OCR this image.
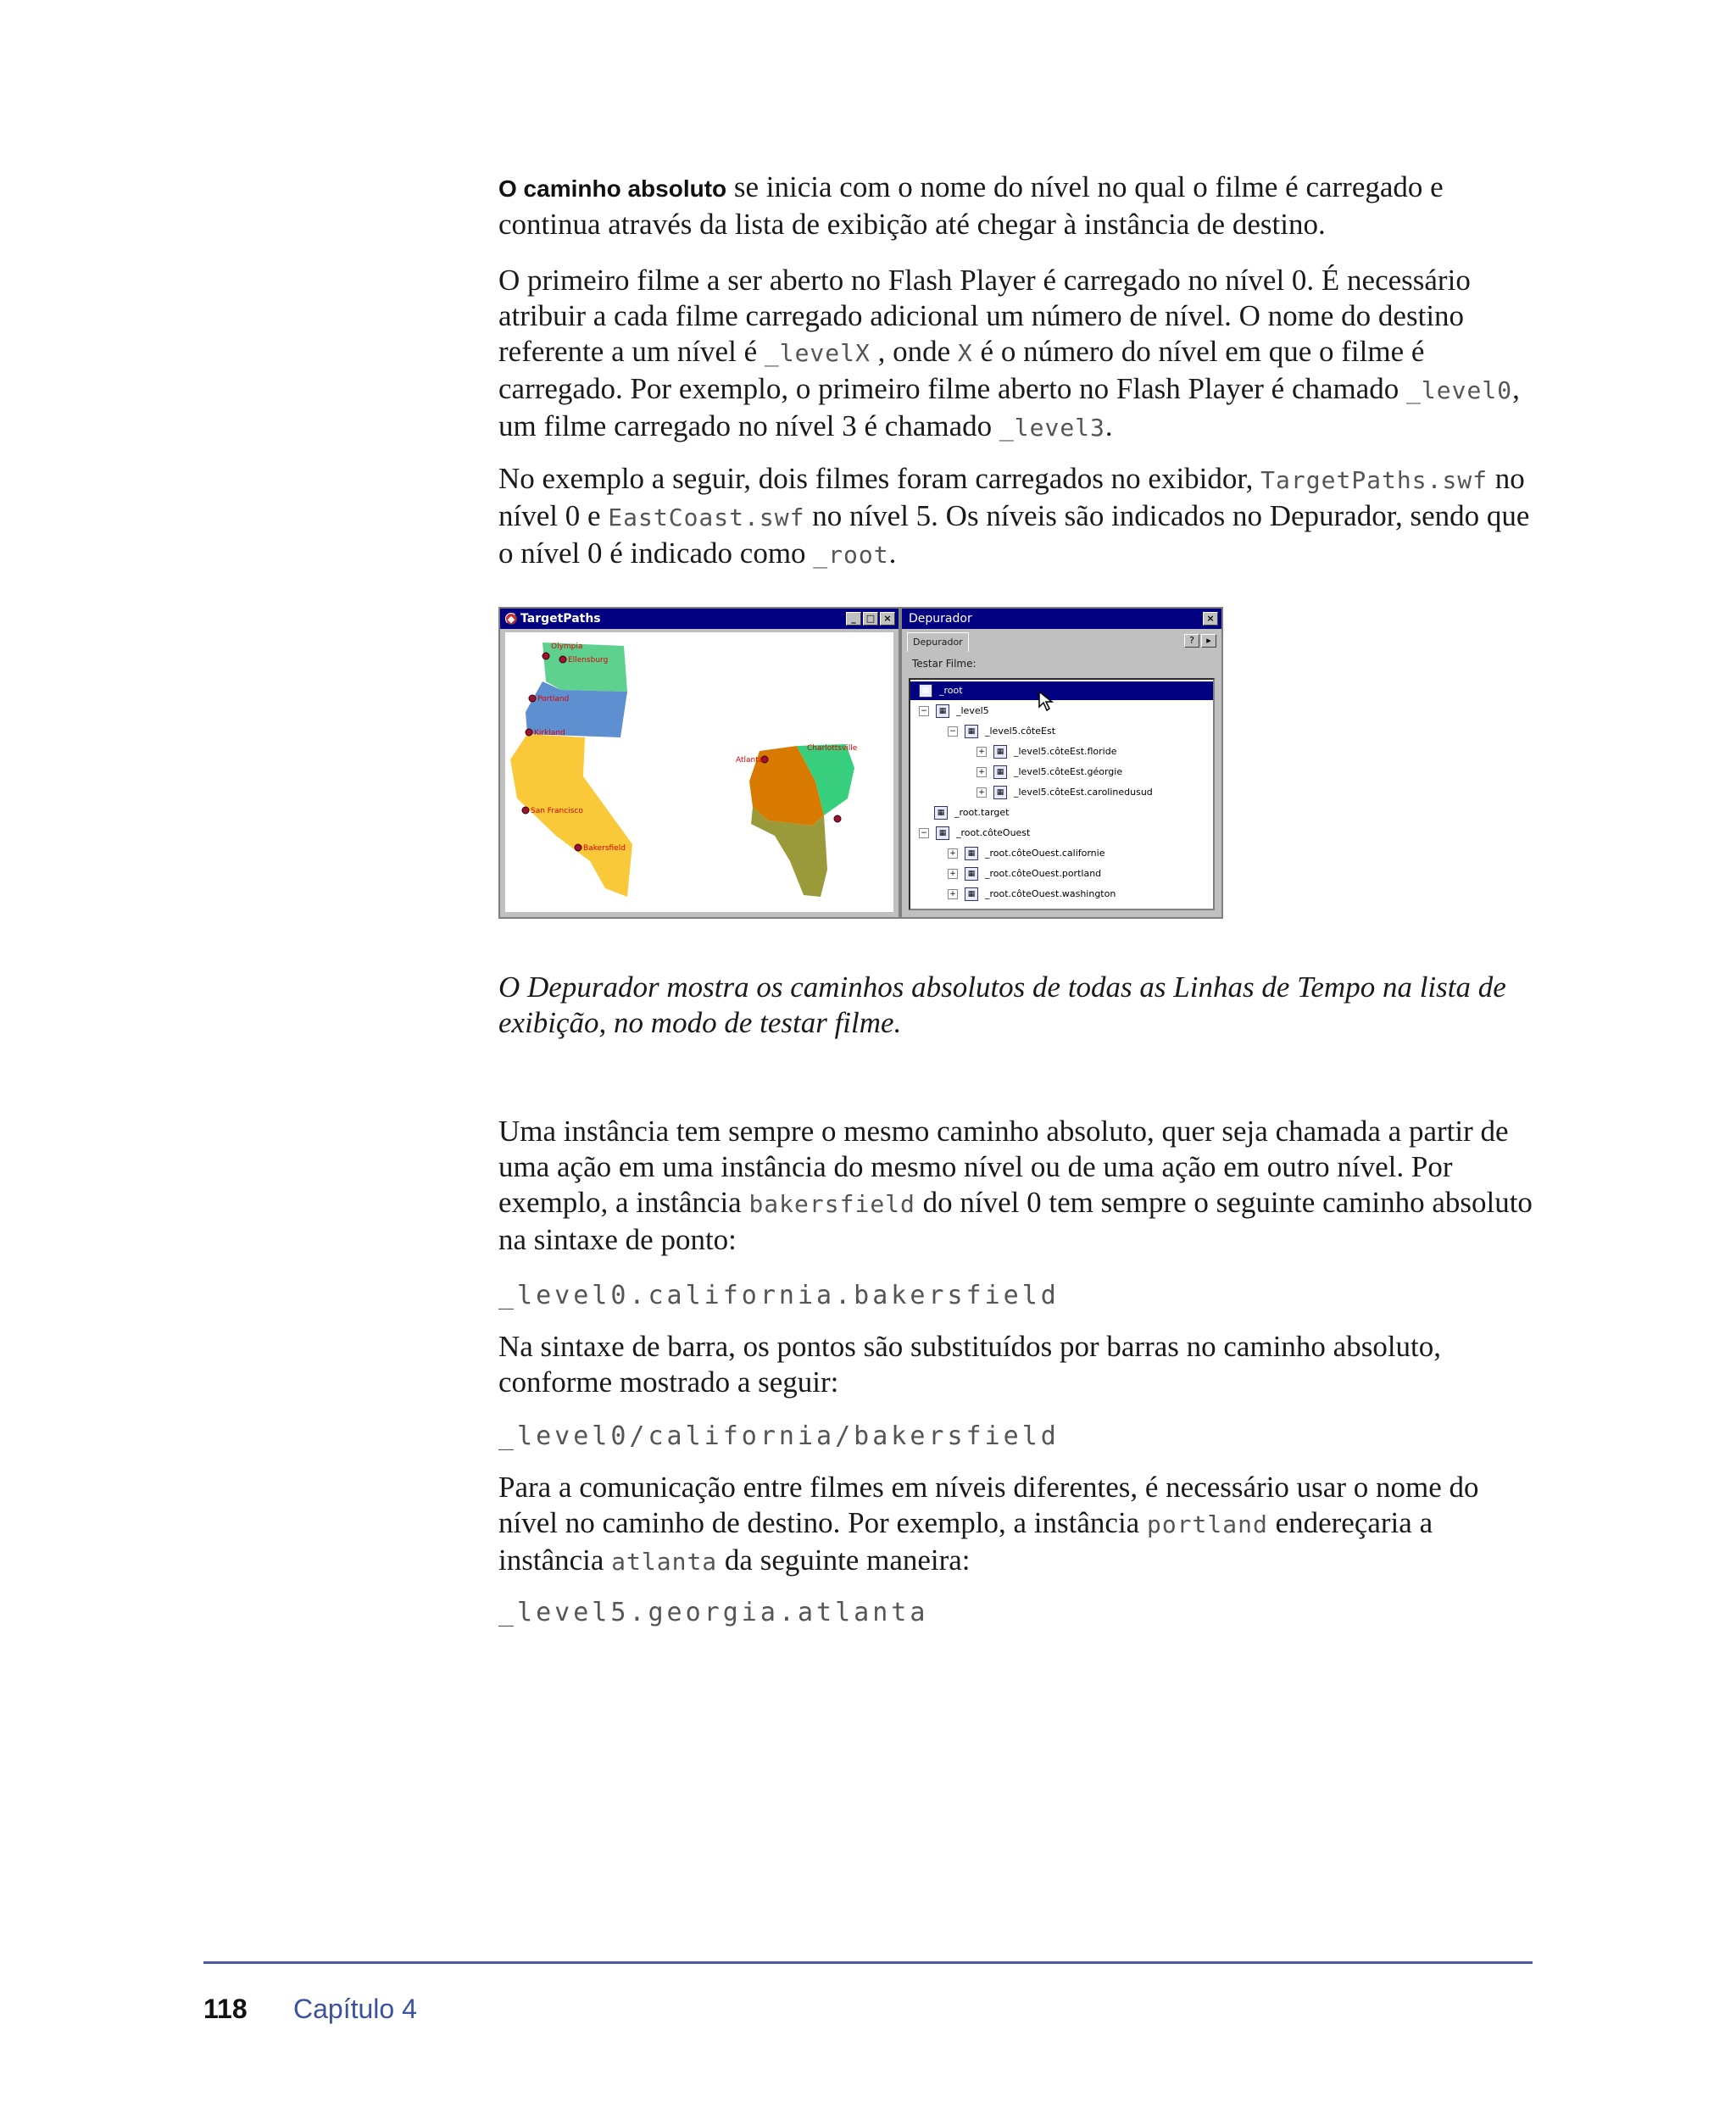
O caminho absoluto se inicia com o nome do nível no qual o filme é carregado e continua através da lista de exibição até chegar à instância de destino.

O primeiro filme a ser aberto no Flash Player é carregado no nível 0. É necessário atribuir a cada filme carregado adicional um número de nível. O nome do destino referente a um nível é _levelX , onde X é o número do nível em que o filme é carregado. Por exemplo, o primeiro filme aberto no Flash Player é chamado _level0, um filme carregado no nível 3 é chamado _level3.

No exemplo a seguir, dois filmes foram carregados no exibidor, TargetPaths.swf no nível 0 e EastCoast.swf no nível 5. Os níveis são indicados no Depurador, sendo que o nível 0 é indicado como _root.

◆ TargetPaths	_	□ ×
Olympia
Ellensburg
Portland
Kirkland
San Francisco
Bakersfield
Atlanta
Charlottsville
Depurador	×
Depurador	?	▸
Testar Filme:
▦	_root
−	▦	_level5
−	▦	_level5.côteEst
+	▦	_level5.côteEst.floride
+	▦	_level5.côteEst.géorgie
+	▦	_level5.côteEst.carolinedusud
▦	_root.target
−	▦	_root.côteOuest
+	▦	_root.côteOuest.californie
+	▦	_root.côteOuest.portland
+	▦	_root.côteOuest.washington

O Depurador mostra os caminhos absolutos de todas as Linhas de Tempo na lista de exibição, no modo de testar filme.

Uma instância tem sempre o mesmo caminho absoluto, quer seja chamada a partir de uma ação em uma instância do mesmo nível ou de uma ação em outro nível. Por exemplo, a instância bakersfield do nível 0 tem sempre o seguinte caminho absoluto na sintaxe de ponto:

_level0.california.bakersfield

Na sintaxe de barra, os pontos são substituídos por barras no caminho absoluto, conforme mostrado a seguir:

_level0/california/bakersfield

Para a comunicação entre filmes em níveis diferentes, é necessário usar o nome do nível no caminho de destino. Por exemplo, a instância portland endereçaria a instância atlanta da seguinte maneira:

_level5.georgia.atlanta

118 Capítulo 4
